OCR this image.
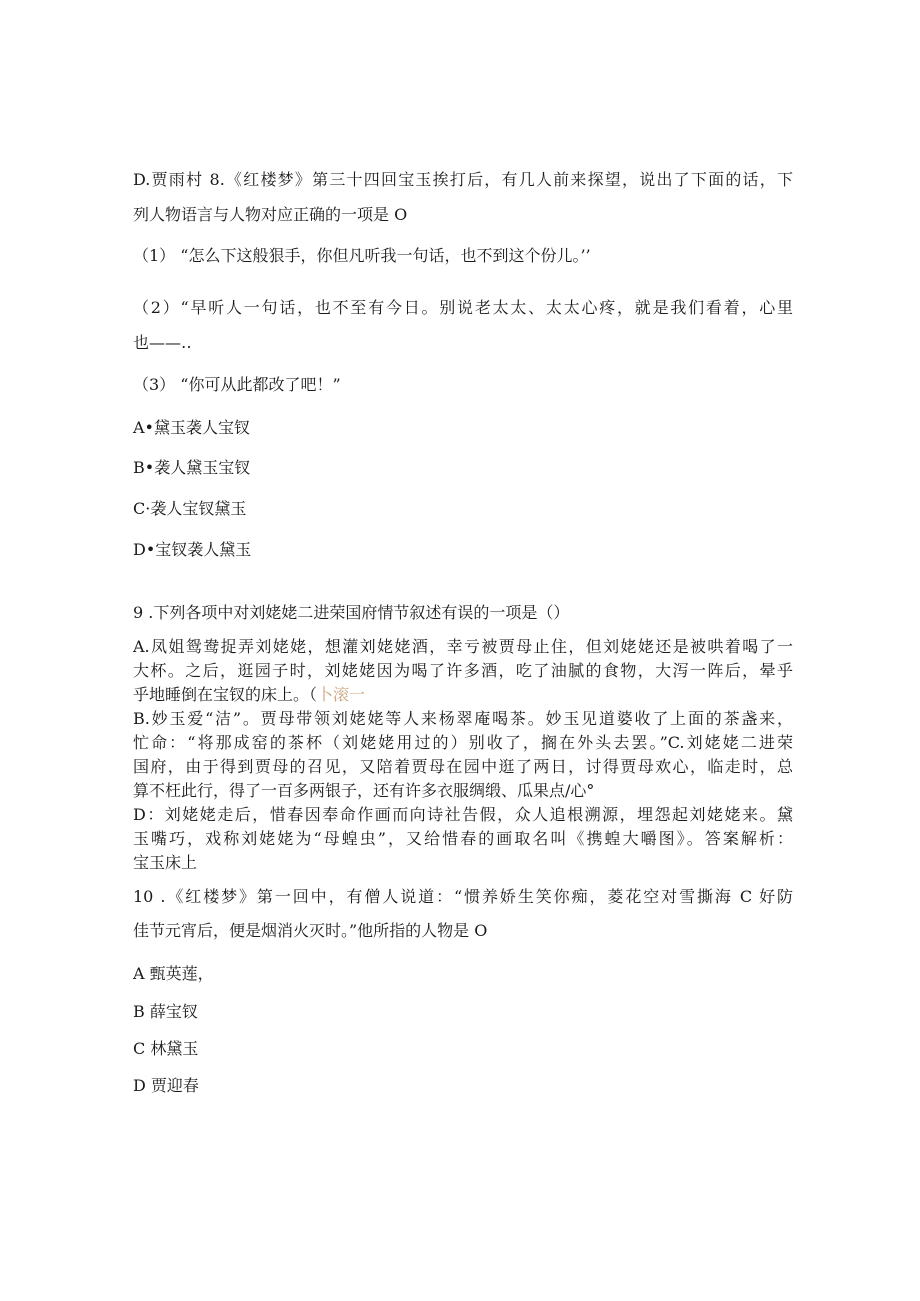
D.贾雨村 8.《红楼梦》第三十四回宝玉挨打后，有几人前来探望，说出了下面的话，下
列人物语言与人物对应正确的一项是 O
（1） “怎么下这般狠手，你但凡听我一句话，也不到这个份儿。’’
（2）“早听人一句话，也不至有今日。别说老太太、太太心疼，就是我们看着，心里
也——‥
（3） “你可从此都改了吧！”
A•黛玉袭人宝钗
B•袭人黛玉宝钗
C·袭人宝钗黛玉
D•宝钗袭人黛玉
9 .下列各项中对刘姥姥二进荣国府情节叙述有误的一项是（）
A.凤姐鸳鸯捉弄刘姥姥，想灌刘姥姥酒，幸亏被贾母止住，但刘姥姥还是被哄着喝了一
大杯。之后，逛园子时，刘姥姥因为喝了许多酒，吃了油腻的食物，大泻一阵后，晕乎
乎地睡倒在宝钗的床上。（卜滚一
B.妙玉爱“洁”。贾母带领刘姥姥等人来杨翠庵喝茶。妙玉见道婆收了上面的茶盏来，
忙命：“将那成窑的茶杯（刘姥姥用过的）别收了，搁在外头去罢。”C.刘姥姥二进荣
国府，由于得到贾母的召见，又陪着贾母在园中逛了两日，讨得贾母欢心，临走时，总
算不枉此行，得了一百多两银子，还有许多衣服绸缎、瓜果点/心°
D：刘姥姥走后，惜春因奉命作画而向诗社告假，众人追根溯源，埋怨起刘姥姥来。黛
玉嘴巧，戏称刘姥姥为“母蝗虫”，又给惜春的画取名叫《携蝗大嚼图》。答案解析：
宝玉床上
10 .《红楼梦》第一回中，有僧人说道：“惯养娇生笑你痴，菱花空对雪撕海 C 好防
佳节元宵后，便是烟消火灭时。”他所指的人物是 O
A 甄英莲，
B 薛宝钗
C 林黛玉
D 贾迎春
